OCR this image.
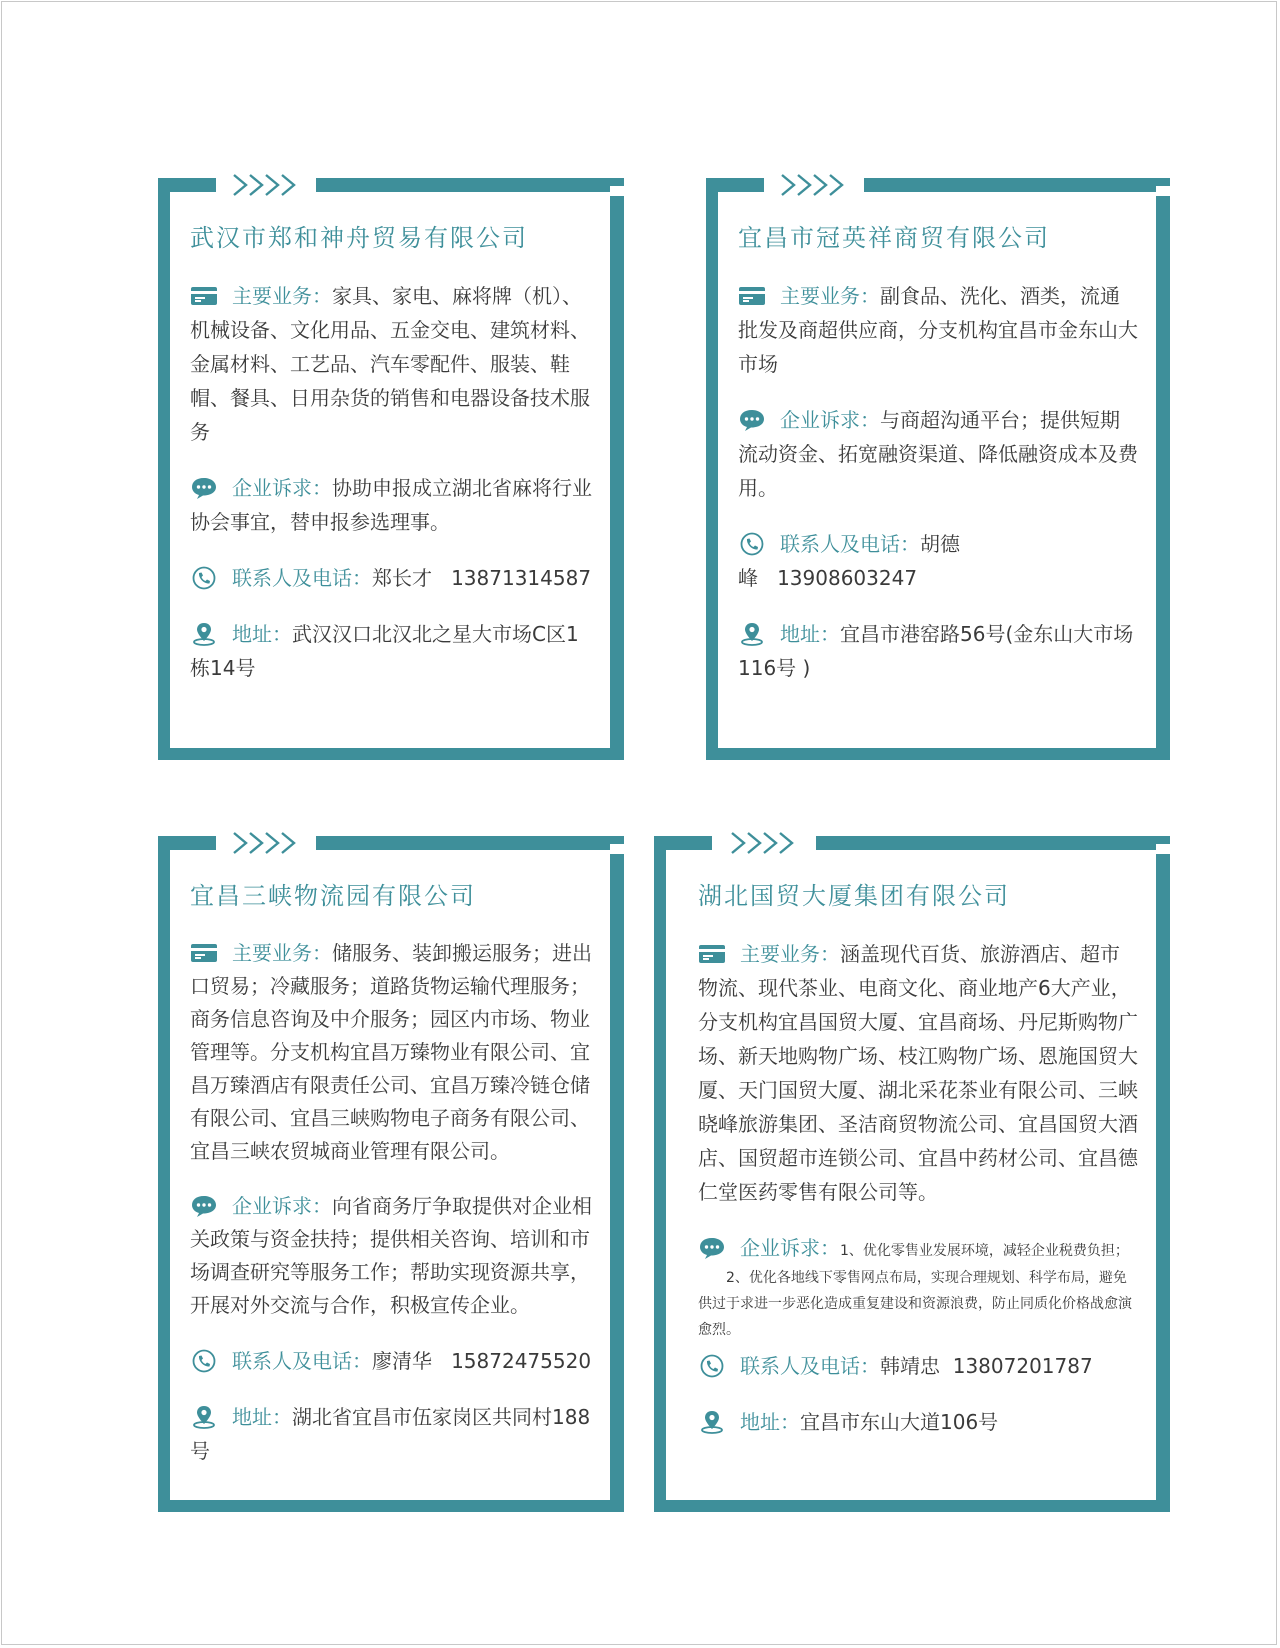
武汉市郑和神舟贸易有限公司
主要业务：家具、家电、麻将牌（机）、机械设备、文化用品、五金交电、建筑材料、金属材料、工艺品、汽车零配件、服装、鞋帽、餐具、日用杂货的销售和电器设备技术服务
企业诉求：协助申报成立湖北省麻将行业协会事宜，替申报参选理事。
联系人及电话：郑长才 13871314587
地址：武汉汉口北汉北之星大市场C区1栋14号
宜昌市冠英祥商贸有限公司
主要业务：副食品、洗化、酒类，流通批发及商超供应商，分支机构宜昌市金东山大市场
企业诉求：与商超沟通平台；提供短期流动资金、拓宽融资渠道、降低融资成本及费用。
联系人及电话：胡德峰 13908603247
地址：宜昌市港窑路56号(金东山大市场116号 )
宜昌三峡物流园有限公司
主要业务：储服务、装卸搬运服务；进出口贸易；冷藏服务；道路货物运输代理服务；商务信息咨询及中介服务；园区内市场、物业管理等。分支机构宜昌万臻物业有限公司、宜昌万臻酒店有限责任公司、宜昌万臻冷链仓储有限公司、宜昌三峡购物电子商务有限公司、宜昌三峡农贸城商业管理有限公司。
企业诉求：向省商务厅争取提供对企业相关政策与资金扶持；提供相关咨询、培训和市场调查研究等服务工作；帮助实现资源共享，开展对外交流与合作，积极宣传企业。
联系人及电话：廖清华 15872475520
地址：湖北省宜昌市伍家岗区共同村188号
湖北国贸大厦集团有限公司
主要业务：涵盖现代百货、旅游酒店、超市物流、现代茶业、电商文化、商业地产6大产业，分支机构宜昌国贸大厦、宜昌商场、丹尼斯购物广场、新天地购物广场、枝江购物广场、恩施国贸大厦、天门国贸大厦、湖北采花茶业有限公司、三峡晓峰旅游集团、圣洁商贸物流公司、宜昌国贸大酒店、国贸超市连锁公司、宜昌中药材公司、宜昌德仁堂医药零售有限公司等。
企业诉求：1、优化零售业发展环境，减轻企业税费负担；
2、优化各地线下零售网点布局，实现合理规划、科学布局，避免供过于求进一步恶化造成重复建设和资源浪费，防止同质化价格战愈演愈烈。
联系人及电话：韩靖忠 13807201787
地址：宜昌市东山大道106号
